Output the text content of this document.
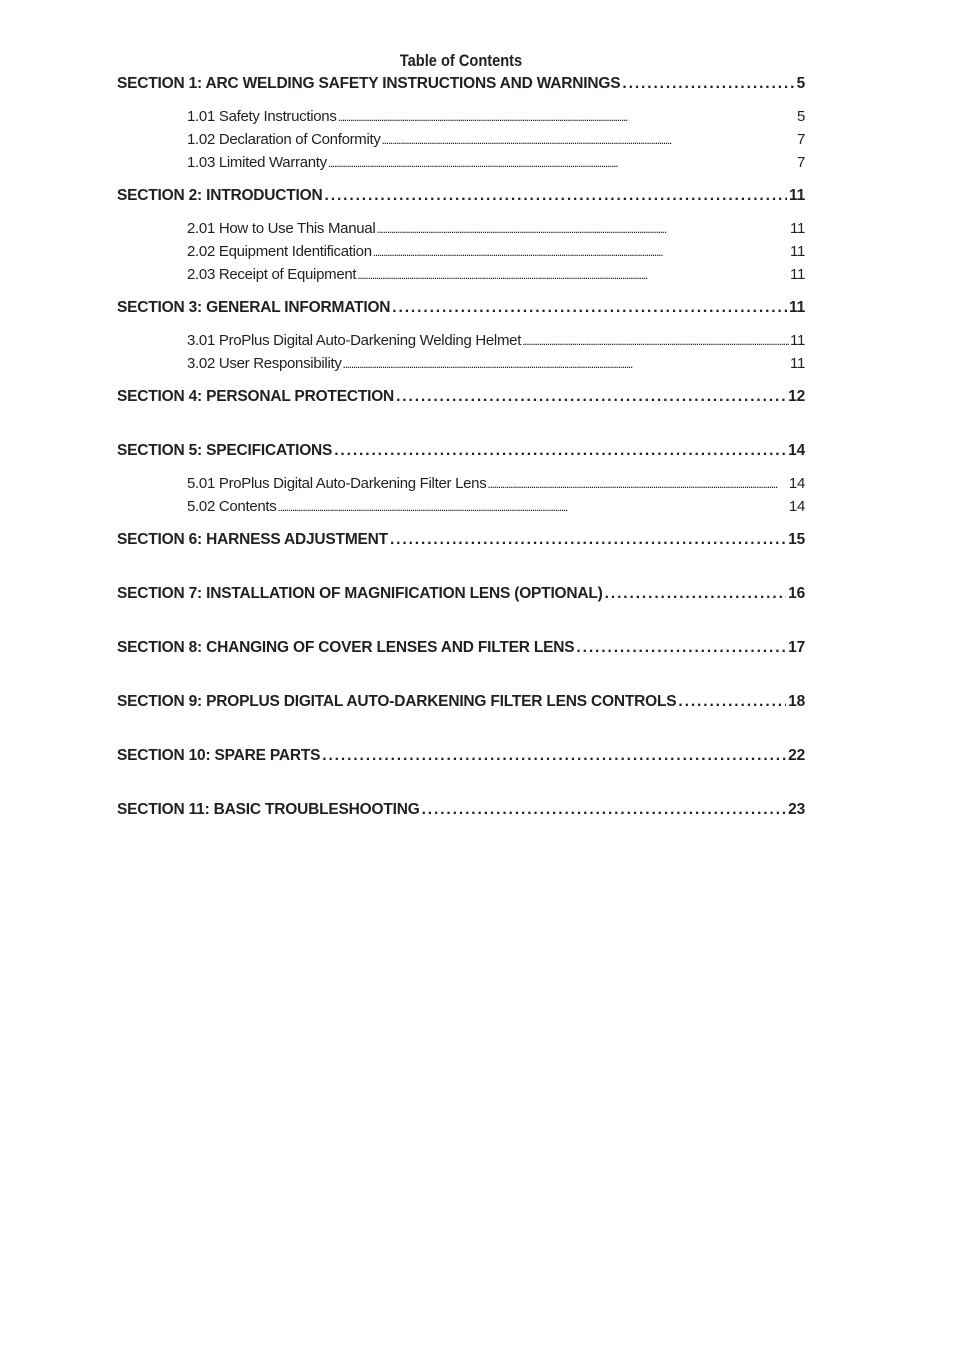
Table of Contents
SECTION 1: ARC WELDING SAFETY INSTRUCTIONS AND WARNINGS . . .	5
1.01 Safety Instructions . . .	5
1.02 Declaration of Conformity . . .	7
1.03 Limited Warranty . . .	7
SECTION 2: INTRODUCTION . . .	11
2.01 How to Use This Manual . . .	11
2.02 Equipment Identification . . .	11
2.03 Receipt of Equipment . . .	11
SECTION 3: GENERAL INFORMATION . . .	11
3.01 ProPlus Digital Auto-Darkening Welding Helmet . . .	11
3.02 User Responsibility . . .	11
SECTION 4: PERSONAL PROTECTION . . .	12
SECTION 5: SPECIFICATIONS . . .	14
5.01 ProPlus Digital Auto-Darkening Filter Lens . . .	14
5.02 Contents . . .	14
SECTION 6: HARNESS ADJUSTMENT . . .	15
SECTION 7: INSTALLATION OF MAGNIFICATION LENS (OPTIONAL) . . .	16
SECTION 8: CHANGING OF COVER LENSES AND FILTER LENS . . .	17
SECTION 9: PROPLUS DIGITAL AUTO-DARKENING FILTER LENS CONTROLS . . .	18
SECTION 10: SPARE PARTS . . .	22
SECTION 11: BASIC TROUBLESHOOTING . . .	23
